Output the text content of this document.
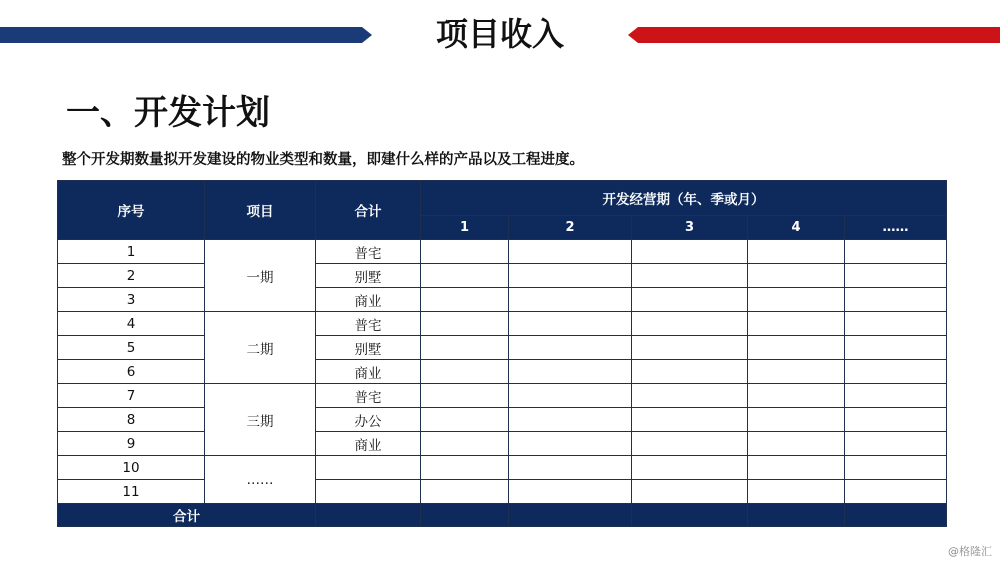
项目收入
一、开发计划
整个开发期数量拟开发建设的物业类型和数量，即建什么样的产品以及工程进度。
序号	项目	合计	开发经营期（年、季或月）				
			1	2	3	4	……
1	一期	普宅					
2		别墅					
3		商业					
4	二期	普宅					
5		别墅					
6		商业					
7	三期	普宅					
8		办公					
9		商业					
10	……						
11							
合计							
@格隆汇
